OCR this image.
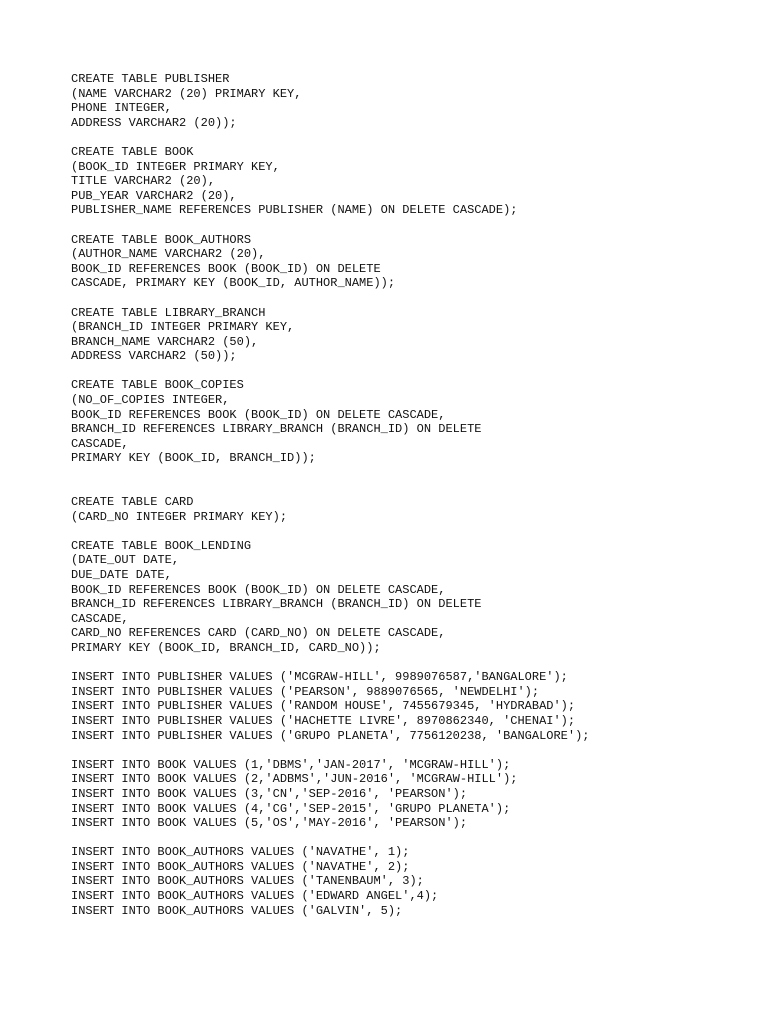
CREATE TABLE PUBLISHER
(NAME VARCHAR2 (20) PRIMARY KEY,
PHONE INTEGER,
ADDRESS VARCHAR2 (20));
CREATE TABLE BOOK
(BOOK_ID INTEGER PRIMARY KEY,
TITLE VARCHAR2 (20),
PUB_YEAR VARCHAR2 (20),
PUBLISHER_NAME REFERENCES PUBLISHER (NAME) ON DELETE CASCADE);
CREATE TABLE BOOK_AUTHORS
(AUTHOR_NAME VARCHAR2 (20),
BOOK_ID REFERENCES BOOK (BOOK_ID) ON DELETE
CASCADE, PRIMARY KEY (BOOK_ID, AUTHOR_NAME));
CREATE TABLE LIBRARY_BRANCH
(BRANCH_ID INTEGER PRIMARY KEY,
BRANCH_NAME VARCHAR2 (50),
ADDRESS VARCHAR2 (50));
CREATE TABLE BOOK_COPIES
(NO_OF_COPIES INTEGER,
BOOK_ID REFERENCES BOOK (BOOK_ID) ON DELETE CASCADE,
BRANCH_ID REFERENCES LIBRARY_BRANCH (BRANCH_ID) ON DELETE
CASCADE,
PRIMARY KEY (BOOK_ID, BRANCH_ID));
CREATE TABLE CARD
(CARD_NO INTEGER PRIMARY KEY);
CREATE TABLE BOOK_LENDING
(DATE_OUT DATE,
DUE_DATE DATE,
BOOK_ID REFERENCES BOOK (BOOK_ID) ON DELETE CASCADE,
BRANCH_ID REFERENCES LIBRARY_BRANCH (BRANCH_ID) ON DELETE
CASCADE,
CARD_NO REFERENCES CARD (CARD_NO) ON DELETE CASCADE,
PRIMARY KEY (BOOK_ID, BRANCH_ID, CARD_NO));
INSERT INTO PUBLISHER VALUES ('MCGRAW-HILL', 9989076587,'BANGALORE');
INSERT INTO PUBLISHER VALUES ('PEARSON', 9889076565, 'NEWDELHI');
INSERT INTO PUBLISHER VALUES ('RANDOM HOUSE', 7455679345, 'HYDRABAD');
INSERT INTO PUBLISHER VALUES ('HACHETTE LIVRE', 8970862340, 'CHENAI');
INSERT INTO PUBLISHER VALUES ('GRUPO PLANETA', 7756120238, 'BANGALORE');
INSERT INTO BOOK VALUES (1,'DBMS','JAN-2017', 'MCGRAW-HILL');
INSERT INTO BOOK VALUES (2,'ADBMS','JUN-2016', 'MCGRAW-HILL');
INSERT INTO BOOK VALUES (3,'CN','SEP-2016', 'PEARSON');
INSERT INTO BOOK VALUES (4,'CG','SEP-2015', 'GRUPO PLANETA');
INSERT INTO BOOK VALUES (5,'OS','MAY-2016', 'PEARSON');
INSERT INTO BOOK_AUTHORS VALUES ('NAVATHE', 1);
INSERT INTO BOOK_AUTHORS VALUES ('NAVATHE', 2);
INSERT INTO BOOK_AUTHORS VALUES ('TANENBAUM', 3);
INSERT INTO BOOK_AUTHORS VALUES ('EDWARD ANGEL',4);
INSERT INTO BOOK_AUTHORS VALUES ('GALVIN', 5);
